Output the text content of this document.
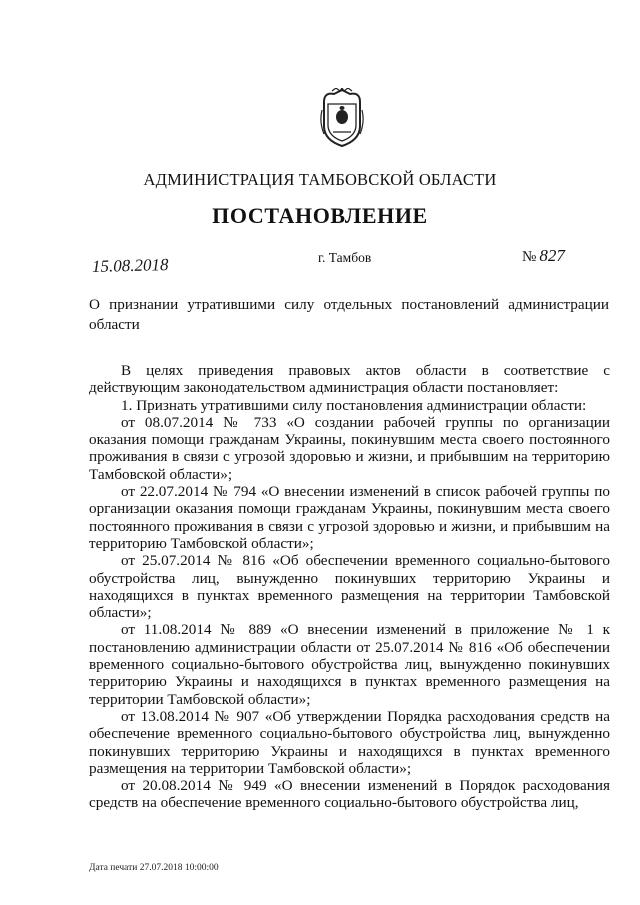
АДМИНИСТРАЦИЯ ТАМБОВСКОЙ ОБЛАСТИ
ПОСТАНОВЛЕНИЕ
15.08.2018	г. Тамбов	№ 827
О признании утратившими силу отдельных постановлений администрации области

В целях приведения правовых актов области в соответствие с действующим законодательством администрация области постановляет:

1. Признать утратившими силу постановления администрации области:

от 08.07.2014 № 733 «О создании рабочей группы по организации оказания помощи гражданам Украины, покинувшим места своего постоянного проживания в связи с угрозой здоровью и жизни, и прибывшим на территорию Тамбовской области»;

от 22.07.2014 № 794 «О внесении изменений в список рабочей группы по организации оказания помощи гражданам Украины, покинувшим места своего постоянного проживания в связи с угрозой здоровью и жизни, и прибывшим на территорию Тамбовской области»;

от 25.07.2014 № 816 «Об обеспечении временного социально-бытового обустройства лиц, вынужденно покинувших территорию Украины и находящихся в пунктах временного размещения на территории Тамбовской области»;

от 11.08.2014 № 889 «О внесении изменений в приложение № 1 к постановлению администрации области от 25.07.2014 № 816 «Об обеспечении временного социально-бытового обустройства лиц, вынужденно покинувших территорию Украины и находящихся в пунктах временного размещения на территории Тамбовской области»;

от 13.08.2014 № 907 «Об утверждении Порядка расходования средств на обеспечение временного социально-бытового обустройства лиц, вынужденно покинувших территорию Украины и находящихся в пунктах временного размещения на территории Тамбовской области»;

от 20.08.2014 № 949 «О внесении изменений в Порядок расходования средств на обеспечение временного социально-бытового обустройства лиц,

Дата печати 27.07.2018 10:00:00
